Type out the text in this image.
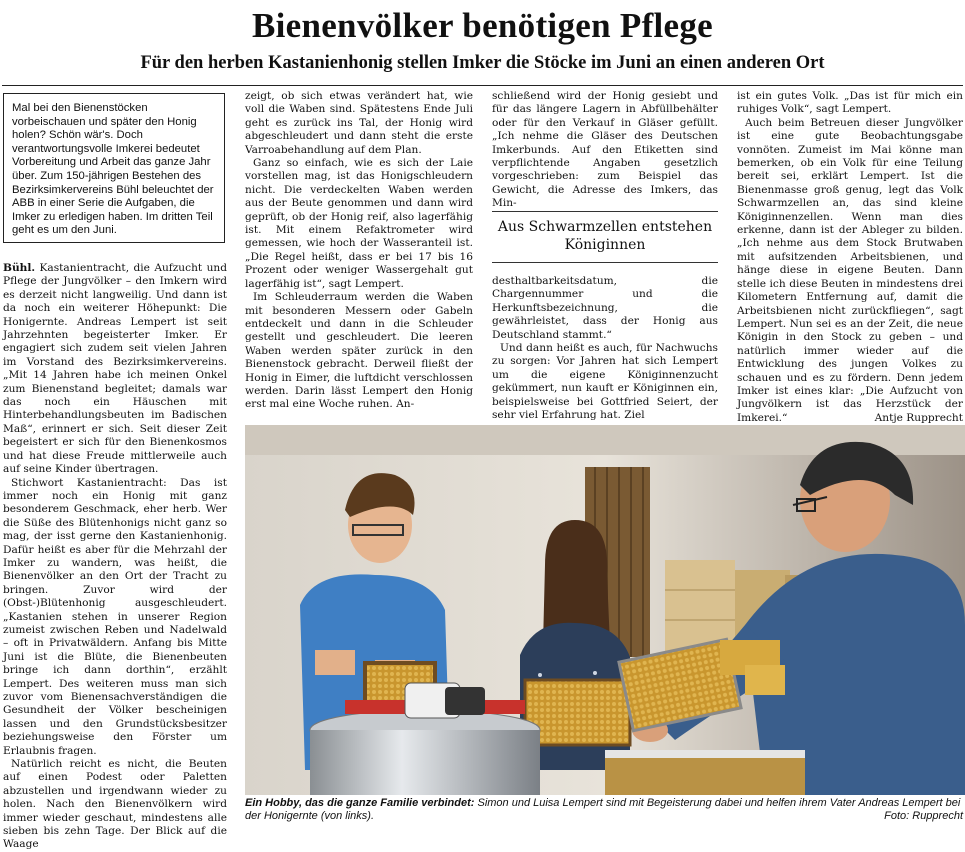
Bienenvölker benötigen Pflege
Für den herben Kastanienhonig stellen Imker die Stöcke im Juni an einen anderen Ort
Mal bei den Bienenstöcken vorbeischauen und später den Honig holen? Schön wär's. Doch verantwortungsvolle Imkerei bedeutet Vorbereitung und Arbeit das ganze Jahr über. Zum 150-jährigen Bestehen des Bezirksimkervereins Bühl beleuchtet der ABB in einer Serie die Aufgaben, die Imker zu erledigen haben. Im dritten Teil geht es um den Juni.

Bühl. Kastanientracht, die Aufzucht und Pflege der Jungvölker – den Imkern wird es derzeit nicht langweilig. Und dann ist da noch ein weiterer Höhepunkt: Die Honigernte. Andreas Lempert ist seit Jahrzehnten begeisterter Imker. Er engagiert sich zudem seit vielen Jahren im Vorstand des Bezirksimkervereins. „Mit 14 Jahren habe ich meinen Onkel zum Bienenstand begleitet; damals war das noch ein Häuschen mit Hinterbehandlungsbeuten im Badischen Maß“, erinnert er sich. Seit dieser Zeit begeistert er sich für den Bienenkosmos und hat diese Freude mittlerweile auch auf seine Kinder übertragen.

Stichwort Kastanientracht: Das ist immer noch ein Honig mit ganz besonderem Geschmack, eher herb. Wer die Süße des Blütenhonigs nicht ganz so mag, der isst gerne den Kastanienhonig. Dafür heißt es aber für die Mehrzahl der Imker zu wandern, was heißt, die Bienenvölker an den Ort der Tracht zu bringen. Zuvor wird der (Obst-)Blütenhonig ausgeschleudert. „Kastanien stehen in unserer Region zumeist zwischen Reben und Nadelwald – oft in Privatwäldern. Anfang bis Mitte Juni ist die Blüte, die Bienenbeuten bringe ich dann dorthin“, erzählt Lempert. Des weiteren muss man sich zuvor vom Bienensachverständigen die Gesundheit der Völker bescheinigen lassen und den Grundstücksbesitzer beziehungsweise den Förster um Erlaubnis fragen.

Natürlich reicht es nicht, die Beuten auf einen Podest oder Paletten abzustellen und irgendwann wieder zu holen. Nach den Bienenvölkern wird immer wieder geschaut, mindestens alle sieben bis zehn Tage. Der Blick auf die Waage

zeigt, ob sich etwas verändert hat, wie voll die Waben sind. Spätestens Ende Juli geht es zurück ins Tal, der Honig wird abgeschleudert und dann steht die erste Varroabehandlung auf dem Plan.

Ganz so einfach, wie es sich der Laie vorstellen mag, ist das Honigschleudern nicht. Die verdeckelten Waben werden aus der Beute genommen und dann wird geprüft, ob der Honig reif, also lagerfähig ist. Mit einem Refaktrometer wird gemessen, wie hoch der Wasseranteil ist. „Die Regel heißt, dass er bei 17 bis 16 Prozent oder weniger Wassergehalt gut lagerfähig ist“, sagt Lempert.

Im Schleuderraum werden die Waben mit besonderen Messern oder Gabeln entdeckelt und dann in die Schleuder gestellt und geschleudert. Die leeren Waben werden später zurück in den Bienenstock gebracht. Derweil fließt der Honig in Eimer, die luftdicht verschlossen werden. Darin lässt Lempert den Honig erst mal eine Woche ruhen. An-

schließend wird der Honig gesiebt und für das längere Lagern in Abfüllbehälter oder für den Verkauf in Gläser gefüllt. „Ich nehme die Gläser des Deutschen Imkerbunds. Auf den Etiketten sind verpflichtende Angaben gesetzlich vorgeschrieben: zum Beispiel das Gewicht, die Adresse des Imkers, das Min-

Aus Schwarmzellen entstehen Königinnen

desthaltbarkeitsdatum, die Chargennummer und die Herkunftsbezeichnung, die gewährleistet, dass der Honig aus Deutschland stammt.“

Und dann heißt es auch, für Nachwuchs zu sorgen: Vor Jahren hat sich Lempert um die eigene Königinnenzucht gekümmert, nun kauft er Königinnen ein, beispielsweise bei Gottfried Seiert, der sehr viel Erfahrung hat. Ziel

ist ein gutes Volk. „Das ist für mich ein ruhiges Volk“, sagt Lempert.

Auch beim Betreuen dieser Jungvölker ist eine gute Beobachtungsgabe vonnöten. Zumeist im Mai könne man bemerken, ob ein Volk für eine Teilung bereit sei, erklärt Lempert. Ist die Bienenmasse groß genug, legt das Volk Schwarmzellen an, das sind kleine Königinnenzellen. Wenn man dies erkenne, dann ist der Ableger zu bilden. „Ich nehme aus dem Stock Brutwaben mit aufsitzenden Arbeitsbienen, und hänge diese in eigene Beuten. Dann stelle ich diese Beuten in mindestens drei Kilometern Entfernung auf, damit die Arbeitsbienen nicht zurückfliegen“, sagt Lempert. Nun sei es an der Zeit, die neue Königin in den Stock zu geben – und natürlich immer wieder auf die Entwicklung des jungen Volkes zu schauen und es zu fördern. Denn jedem Imker ist eines klar: „Die Aufzucht von Jungvölkern ist das Herzstück der Imkerei.“	Antje Rupprecht

Ein Hobby, das die ganze Familie verbindet: Simon und Luisa Lempert sind mit Begeisterung dabei und helfen ihrem Vater Andreas Lempert bei der Honigernte (von links).	Foto: Rupprecht
